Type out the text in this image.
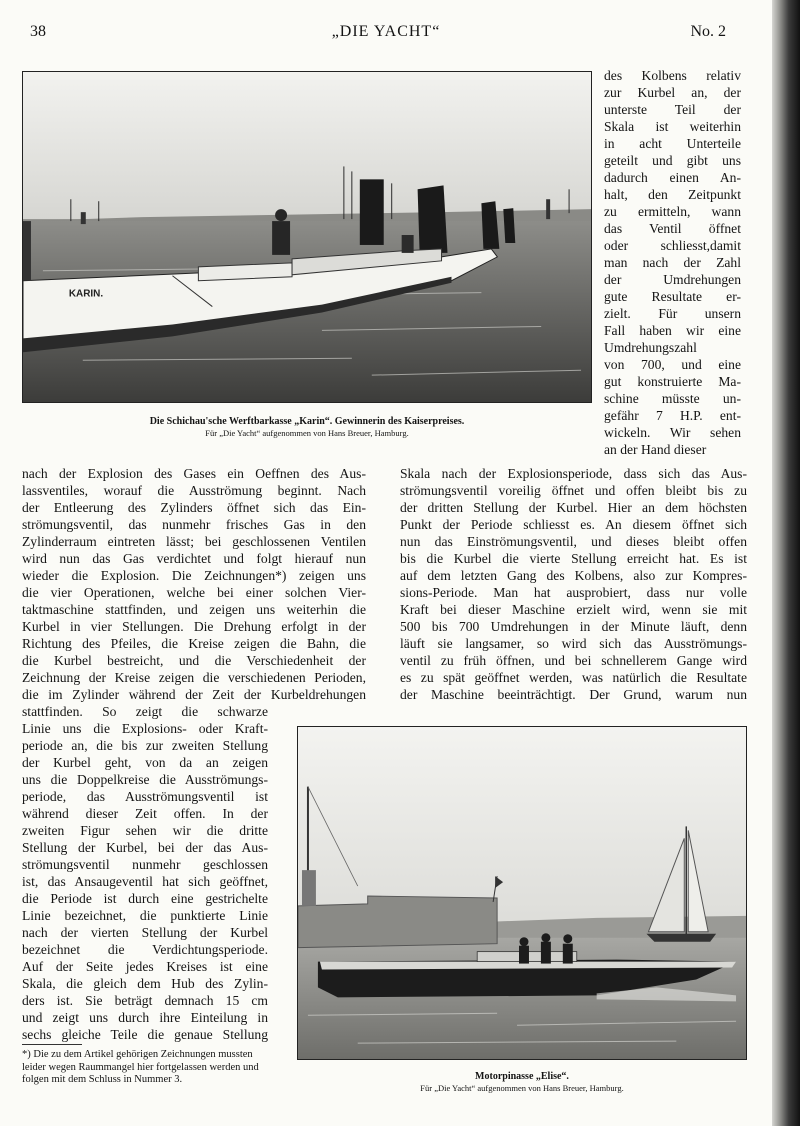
38	„DIE YACHT“	No. 2
KARIN.
Die Schichau'sche Werftbarkasse „Karin“. Gewinnerin des Kaiserpreises.
Für „Die Yacht“ aufgenommen von Hans Breuer, Hamburg.
des Kolbens relativ
zur Kurbel an, der
unterste Teil der
Skala ist weiterhin
in acht Unterteile
geteilt und gibt uns
dadurch einen An-
halt, den Zeitpunkt
zu ermitteln, wann
das Ventil öffnet
oder schliesst,damit
man nach der Zahl
der Umdrehungen
gute Resultate er-
zielt. Für unsern
Fall haben wir eine
Umdrehungszahl
von 700, und eine
gut konstruierte Ma-
schine müsste un-
gefähr 7 H.P. ent-
wickeln. Wir sehen
an der Hand dieser
nach der Explosion des Gases ein Oeffnen des Aus-
lassventiles, worauf die Ausströmung beginnt. Nach
der Entleerung des Zylinders öffnet sich das Ein-
strömungsventil, das nunmehr frisches Gas in den
Zylinderraum eintreten lässt; bei geschlossenen Ventilen
wird nun das Gas verdichtet und folgt hierauf nun
wieder die Explosion. Die Zeichnungen*) zeigen uns
die vier Operationen, welche bei einer solchen Vier-
taktmaschine stattfinden, und zeigen uns weiterhin die
Kurbel in vier Stellungen. Die Drehung erfolgt in der
Richtung des Pfeiles, die Kreise zeigen die Bahn, die
die Kurbel bestreicht, und die Verschiedenheit der
Zeichnung der Kreise zeigen die verschiedenen Perioden,
die im Zylinder während der Zeit der Kurbeldrehungen
Skala nach der Explosionsperiode, dass sich das Aus-
strömungsventil voreilig öffnet und offen bleibt bis zu
der dritten Stellung der Kurbel. Hier an dem höchsten
Punkt der Periode schliesst es. An diesem öffnet sich
nun das Einströmungsventil, und dieses bleibt offen
bis die Kurbel die vierte Stellung erreicht hat. Es ist
auf dem letzten Gang des Kolbens, also zur Kompres-
sions-Periode. Man hat ausprobiert, dass nur volle
Kraft bei dieser Maschine erzielt wird, wenn sie mit
500 bis 700 Umdrehungen in der Minute läuft, denn
läuft sie langsamer, so wird sich das Ausströmungs-
ventil zu früh öffnen, und bei schnellerem Gange wird
es zu spät geöffnet werden, was natürlich die Resultate
der Maschine beeinträchtigt. Der Grund, warum nun
stattfinden. So zeigt die schwarze
Linie uns die Explosions- oder Kraft-
periode an, die bis zur zweiten Stellung
der Kurbel geht, von da an zeigen
uns die Doppelkreise die Ausströmungs-
periode, das Ausströmungsventil ist
während dieser Zeit offen. In der
zweiten Figur sehen wir die dritte
Stellung der Kurbel, bei der das Aus-
strömungsventil nunmehr geschlossen
ist, das Ansaugeventil hat sich geöffnet,
die Periode ist durch eine gestrichelte
Linie bezeichnet, die punktierte Linie
nach der vierten Stellung der Kurbel
bezeichnet die Verdichtungsperiode.
Auf der Seite jedes Kreises ist eine
Skala, die gleich dem Hub des Zylin-
ders ist. Sie beträgt demnach 15 cm
und zeigt uns durch ihre Einteilung in
sechs gleiche Teile die genaue Stellung
Motorpinasse „Elise“.
Für „Die Yacht“ aufgenommen von Hans Breuer, Hamburg.
*) Die zu dem Artikel gehörigen Zeichnungen mussten leider wegen Raummangel hier fortgelassen werden und folgen mit dem Schluss in Nummer 3.
